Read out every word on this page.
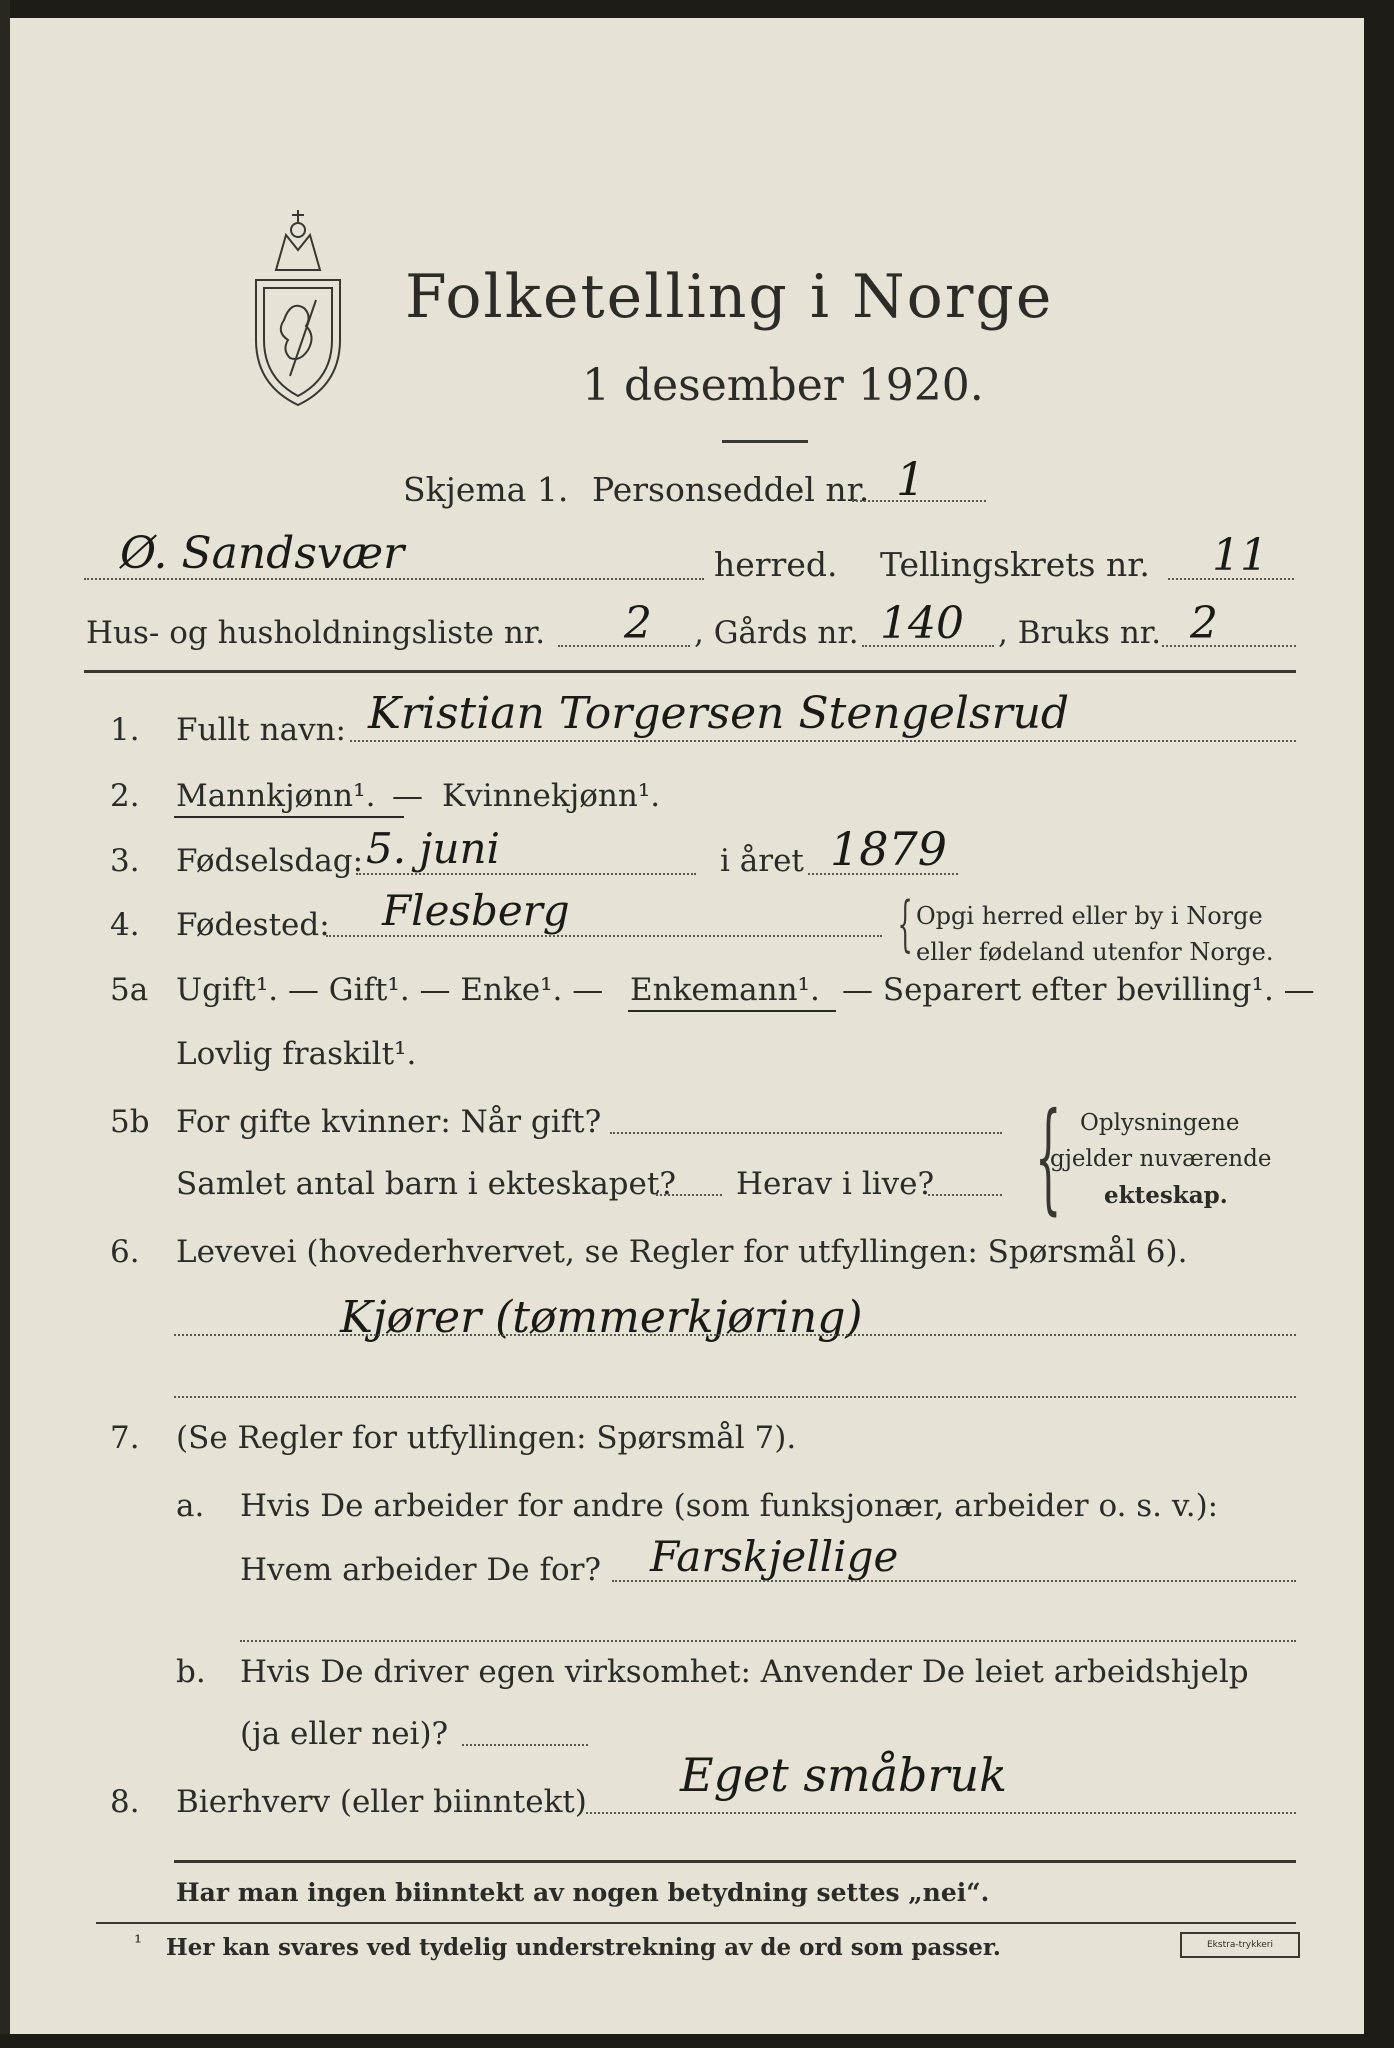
Folketelling i Norge
1 desember 1920.
Skjema 1. Personseddel nr. 1
Ø. Sandsvær	herred. Tellingskrets nr. 11
Hus- og husholdningsliste nr. 2 , Gårds nr. 140 , Bruks nr. 2
1. Fullt navn: Kristian Torgersen Stengelsrud
2. Mannkjønn¹. — Kvinnekjønn¹.
3. Fødselsdag: 5. juni	i året 1879
4. Fødested: Flesberg	{ Opgi herred eller by i Norge
eller fødeland utenfor Norge.
5a Ugift¹. — Gift¹. — Enke¹. — Enkemann¹. — Separert efter bevilling¹. —
Lovlig fraskilt¹.
5b For gifte kvinner: Når gift?
Samlet antal barn i ekteskapet? Herav i live? { Oplysningene
gjelder nuværende
ekteskap.
6. Levevei (hovederhvervet, se Regler for utfyllingen: Spørsmål 6).
Kjører (tømmerkjøring)
7. (Se Regler for utfyllingen: Spørsmål 7).
a. Hvis De arbeider for andre (som funksjonær, arbeider o. s. v.):
Hvem arbeider De for? Farskjellige
b. Hvis De driver egen virksomhet: Anvender De leiet arbeidshjelp
(ja eller nei)?
8. Bierhverv (eller biinntekt) Eget småbruk
Har man ingen biinntekt av nogen betydning settes „nei“.
¹ Her kan svares ved tydelig understrekning av de ord som passer.	Ekstra-trykkeri
